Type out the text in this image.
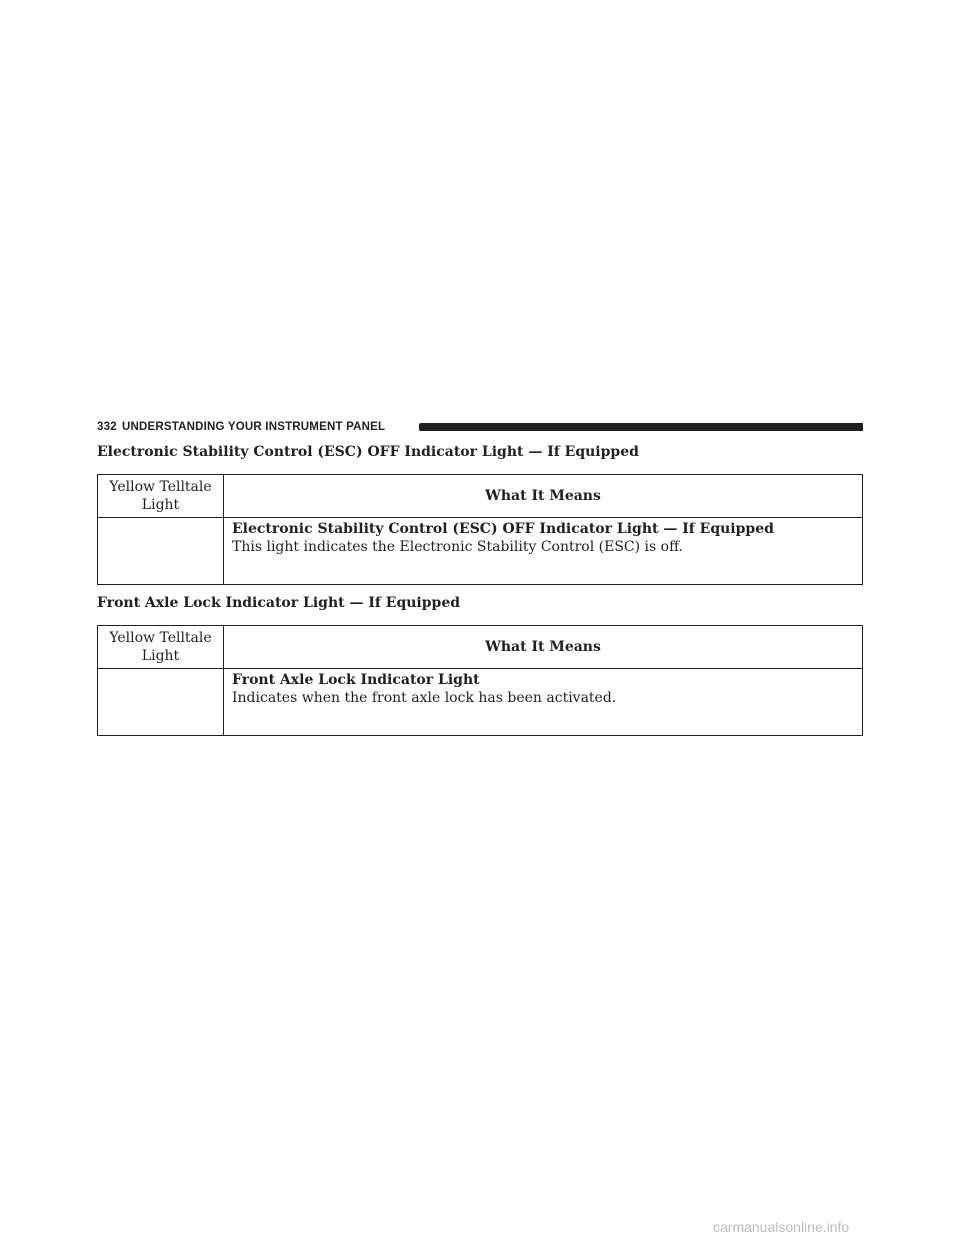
332 UNDERSTANDING YOUR INSTRUMENT PANEL
Electronic Stability Control (ESC) OFF Indicator Light — If Equipped
Yellow Telltale
Light	What It Means

	Electronic Stability Control (ESC) OFF Indicator Light — If Equipped
This light indicates the Electronic Stability Control (ESC) is off.
Front Axle Lock Indicator Light — If Equipped
Yellow Telltale
Light	What It Means

	Front Axle Lock Indicator Light
Indicates when the front axle lock has been activated.
carmanualsonline.info
